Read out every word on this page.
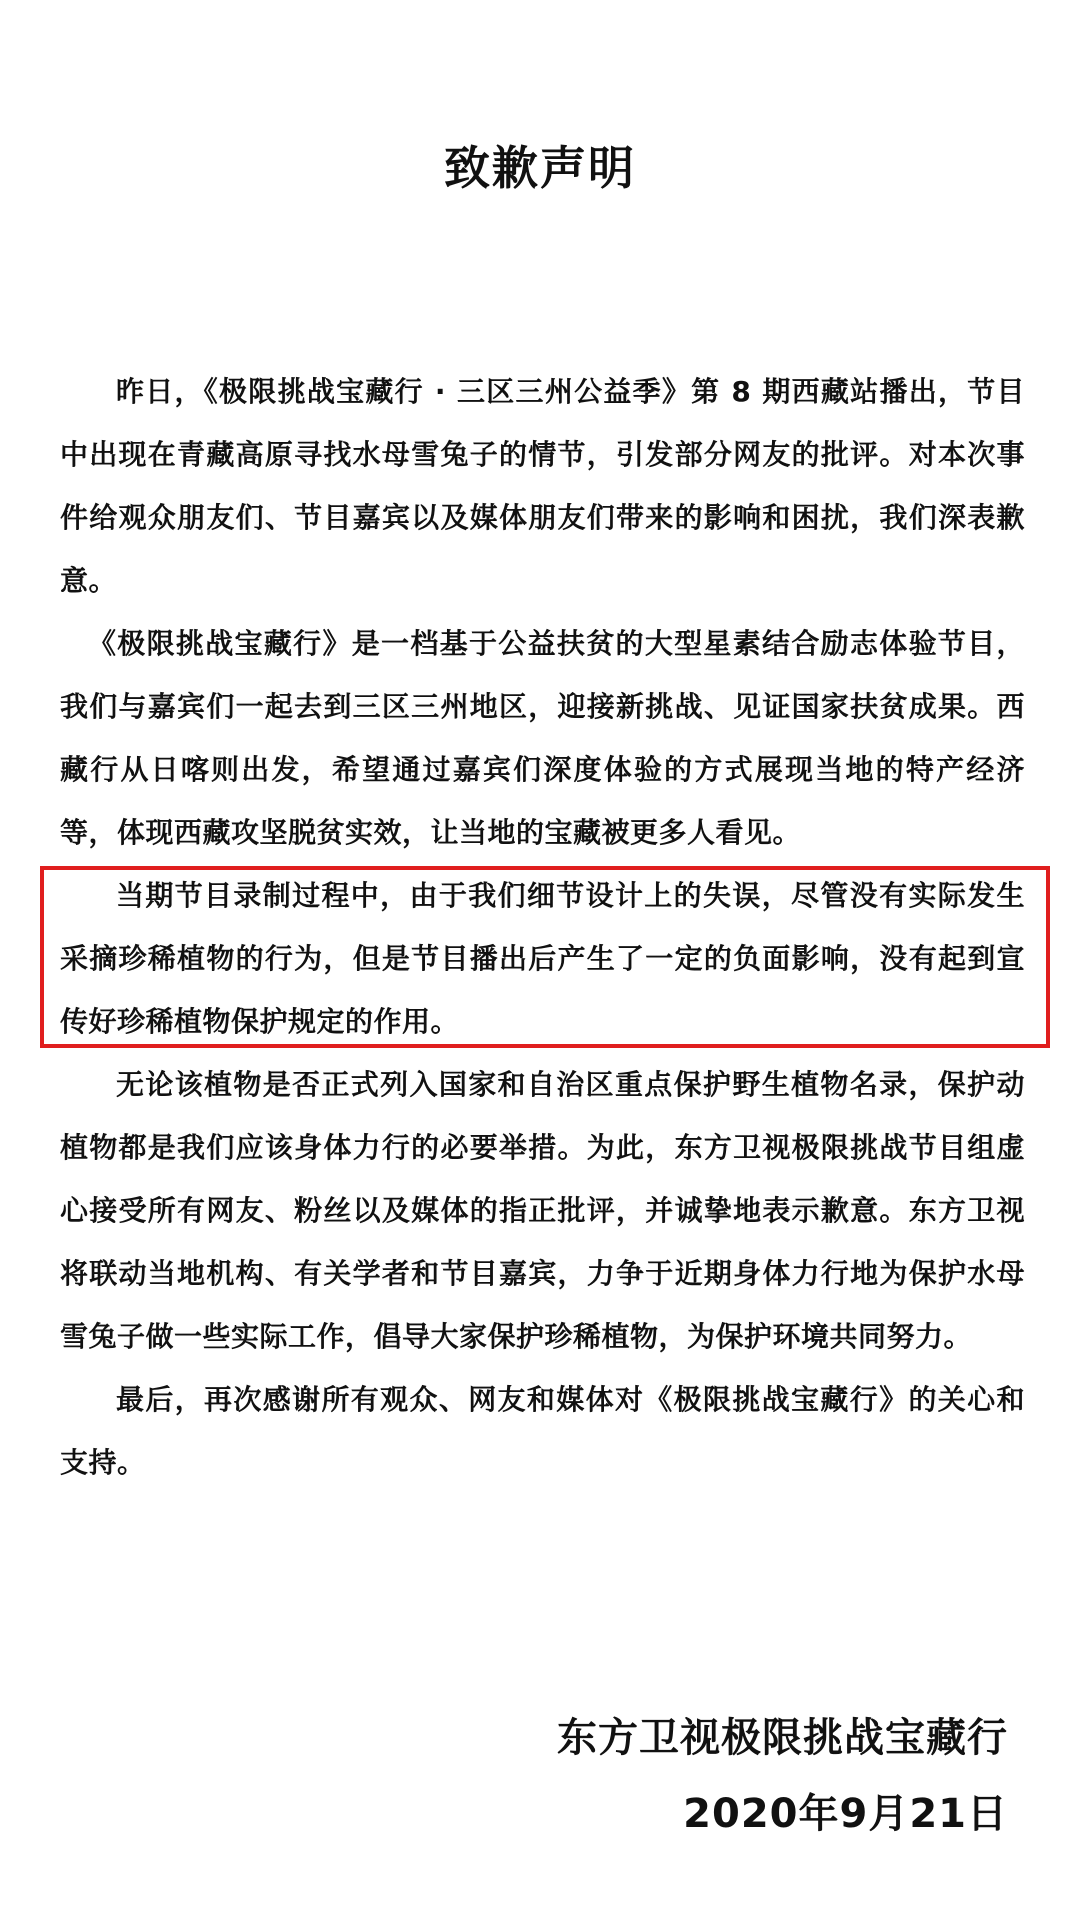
致歉声明

昨日，《极限挑战宝藏行 · 三区三州公益季》第 8 期西藏站播出，节目中出现在青藏高原寻找水母雪兔子的情节，引发部分网友的批评。对本次事件给观众朋友们、节目嘉宾以及媒体朋友们带来的影响和困扰，我们深表歉意。

《极限挑战宝藏行》是一档基于公益扶贫的大型星素结合励志体验节目，我们与嘉宾们一起去到三区三州地区，迎接新挑战、见证国家扶贫成果。西藏行从日喀则出发，希望通过嘉宾们深度体验的方式展现当地的特产经济等，体现西藏攻坚脱贫实效，让当地的宝藏被更多人看见。

当期节目录制过程中，由于我们细节设计上的失误，尽管没有实际发生采摘珍稀植物的行为，但是节目播出后产生了一定的负面影响，没有起到宣传好珍稀植物保护规定的作用。

无论该植物是否正式列入国家和自治区重点保护野生植物名录，保护动植物都是我们应该身体力行的必要举措。为此，东方卫视极限挑战节目组虚心接受所有网友、粉丝以及媒体的指正批评，并诚挚地表示歉意。东方卫视将联动当地机构、有关学者和节目嘉宾，力争于近期身体力行地为保护水母雪兔子做一些实际工作，倡导大家保护珍稀植物，为保护环境共同努力。

最后，再次感谢所有观众、网友和媒体对《极限挑战宝藏行》的关心和支持。

东方卫视极限挑战宝藏行
2020年9月21日
